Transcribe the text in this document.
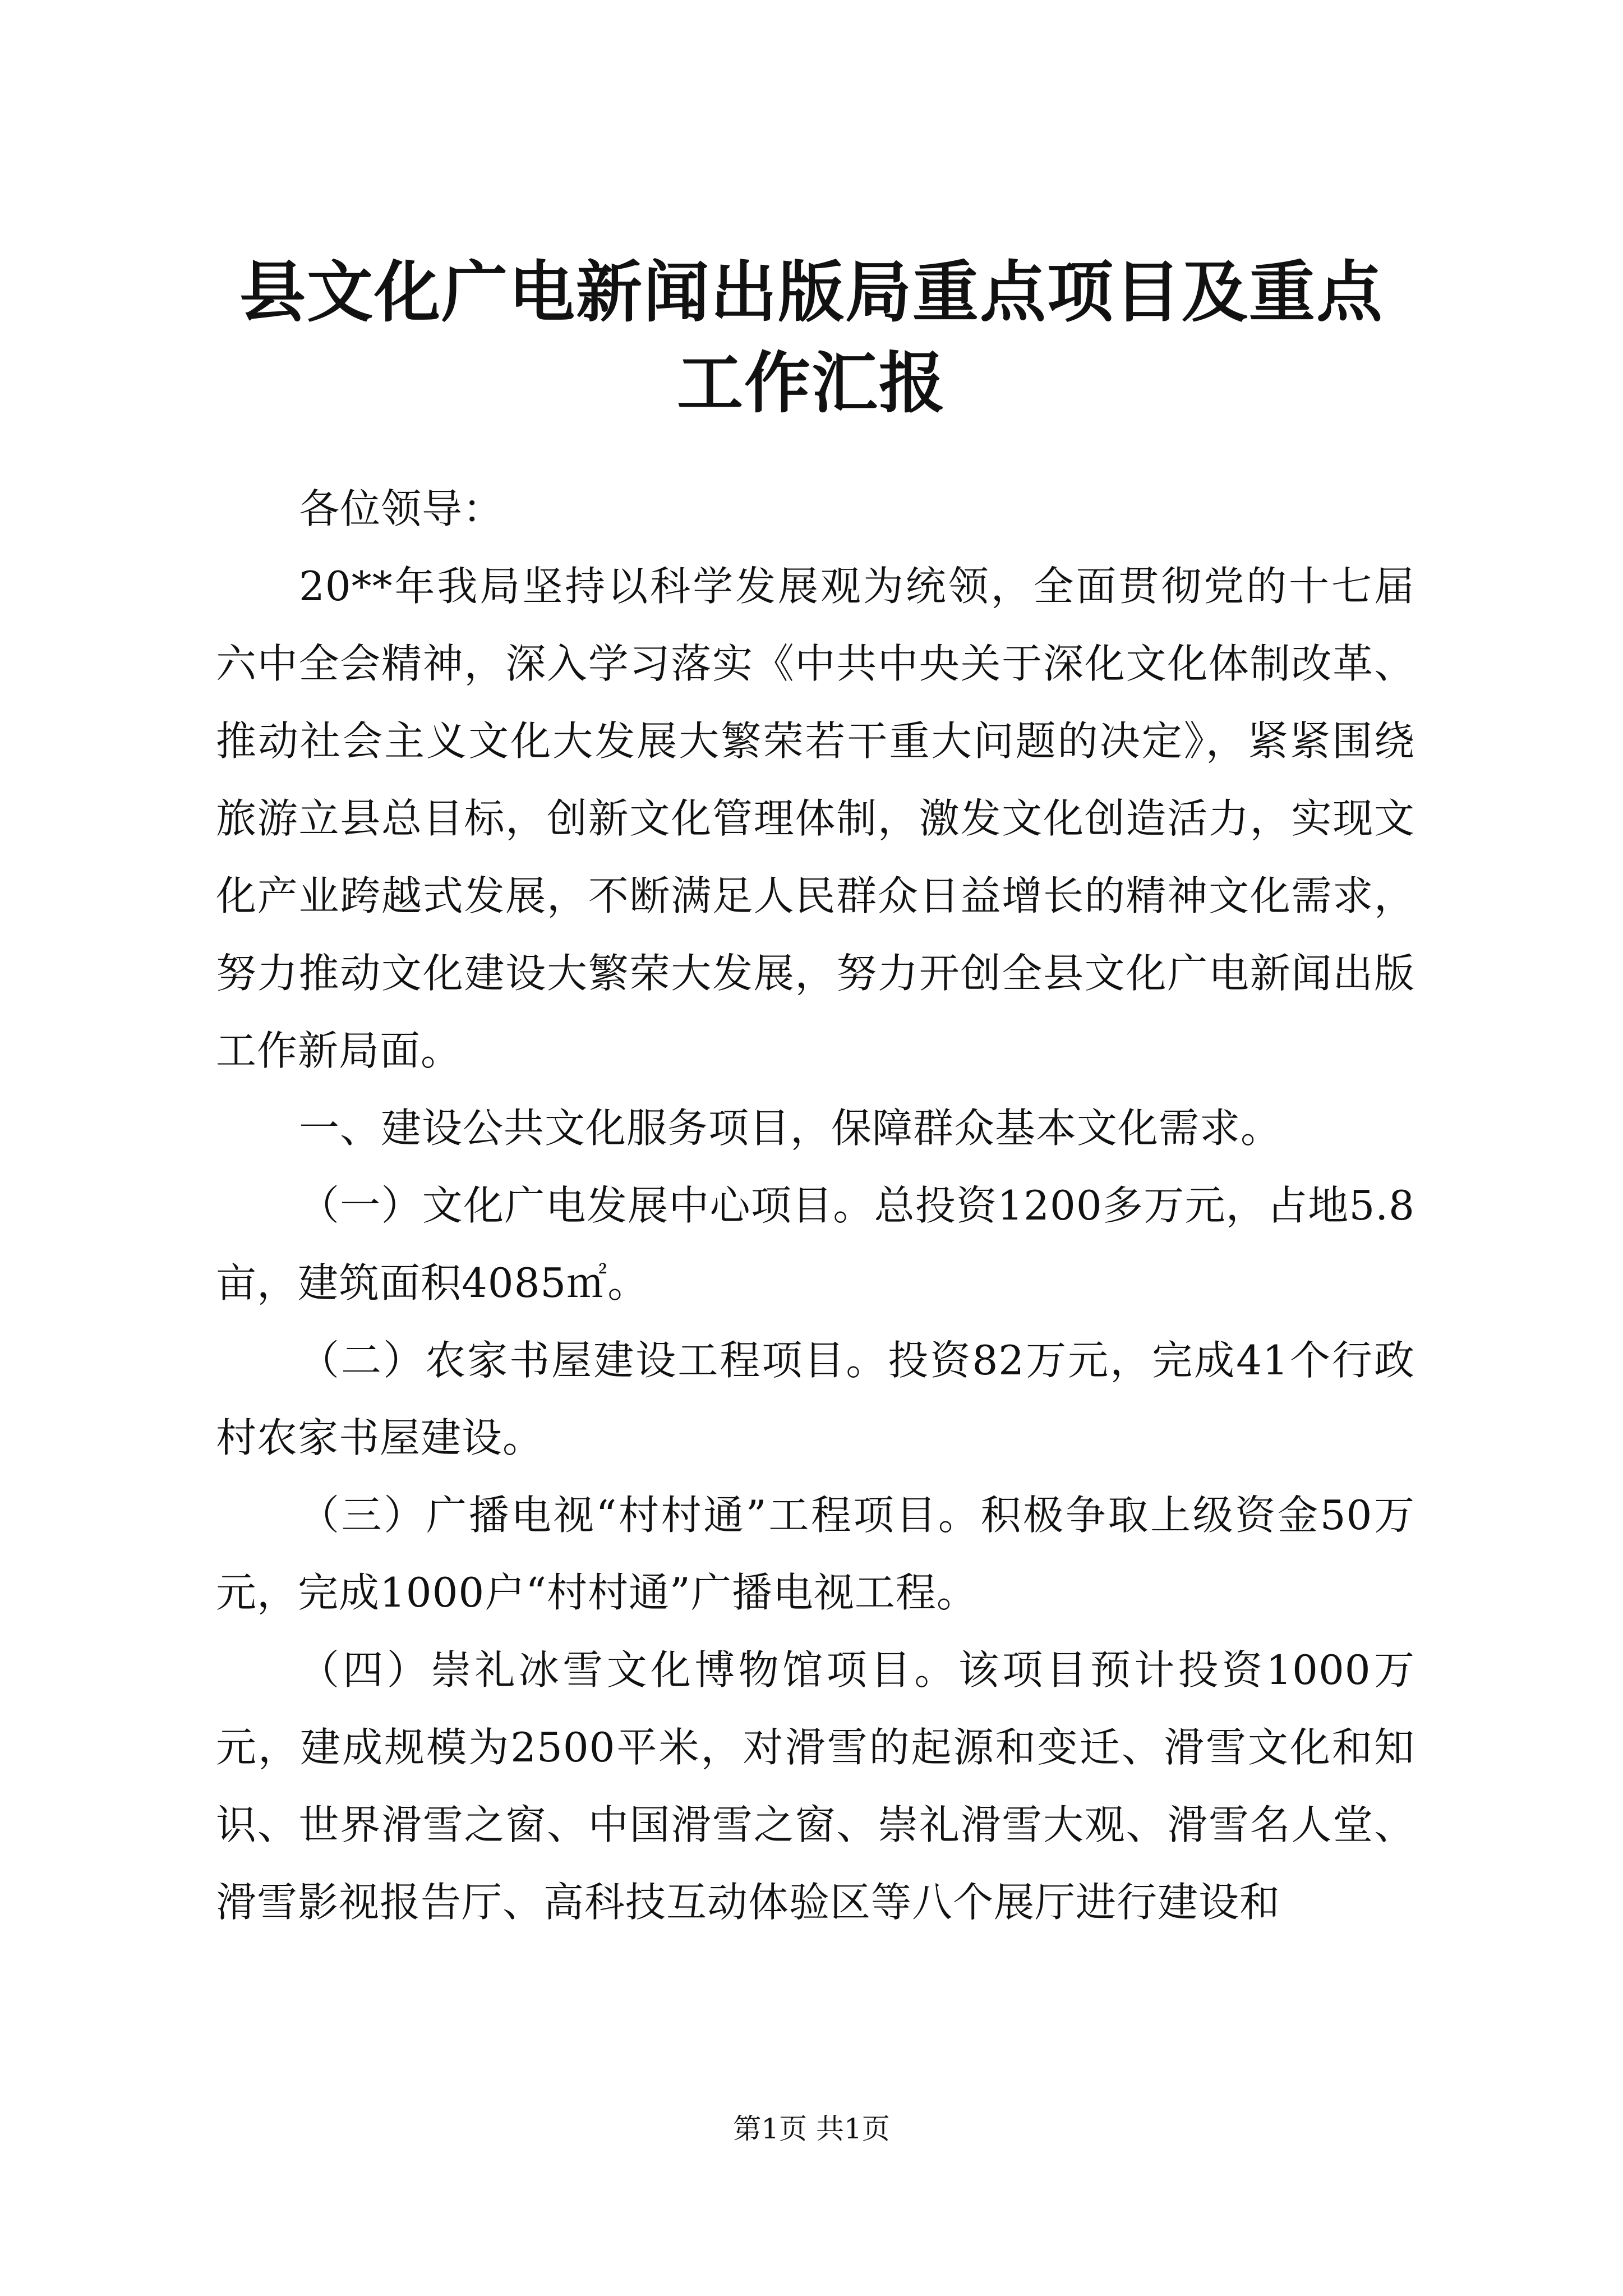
县文化广电新闻出版局重点项目及重点工作汇报

各位领导：

20**年我局坚持以科学发展观为统领，全面贯彻党的十七届六中全会精神，深入学习落实《中共中央关于深化文化体制改革、推动社会主义文化大发展大繁荣若干重大问题的决定》，紧紧围绕旅游立县总目标，创新文化管理体制，激发文化创造活力，实现文化产业跨越式发展，不断满足人民群众日益增长的精神文化需求，努力推动文化建设大繁荣大发展，努力开创全县文化广电新闻出版工作新局面。

一、建设公共文化服务项目，保障群众基本文化需求。

（一）文化广电发展中心项目。总投资1200多万元，占地5.8亩，建筑面积4085㎡。

（二）农家书屋建设工程项目。投资82万元，完成41个行政村农家书屋建设。

（三）广播电视“村村通”工程项目。积极争取上级资金50万元，完成1000户“村村通”广播电视工程。

（四）崇礼冰雪文化博物馆项目。该项目预计投资1000万元，建成规模为2500平米，对滑雪的起源和变迁、滑雪文化和知识、世界滑雪之窗、中国滑雪之窗、崇礼滑雪大观、滑雪名人堂、滑雪影视报告厅、高科技互动体验区等八个展厅进行建设和

第1页 共1页
